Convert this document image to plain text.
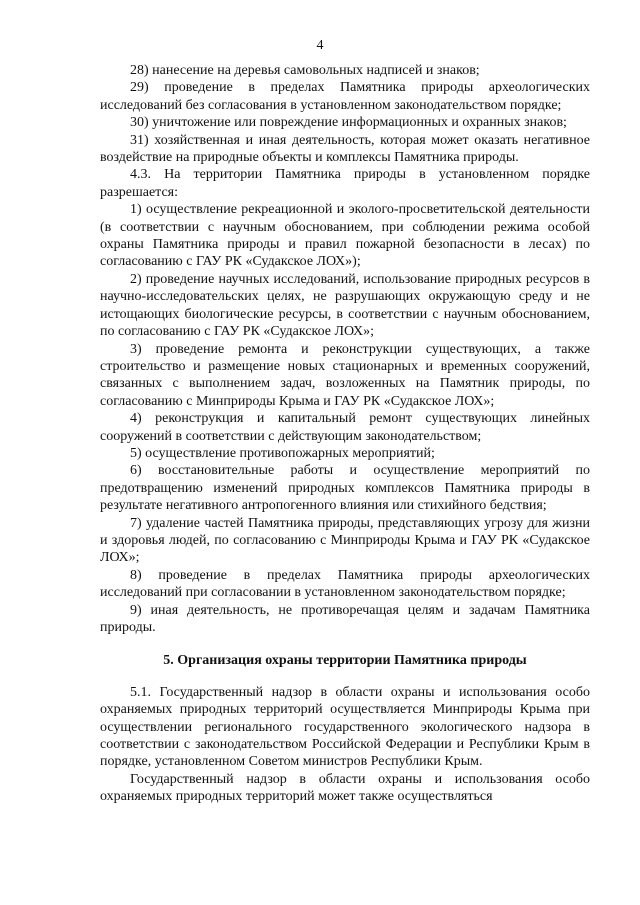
4

28) нанесение на деревья самовольных надписей и знаков;

29) проведение в пределах Памятника природы археологических исследований без согласования в установленном законодательством порядке;

30) уничтожение или повреждение информационных и охранных знаков;

31) хозяйственная и иная деятельность, которая может оказать негативное воздействие на природные объекты и комплексы Памятника природы.

4.3. На территории Памятника природы в установленном порядке разрешается:

1) осуществление рекреационной и эколого-просветительской деятельности (в соответствии с научным обоснованием, при соблюдении режима особой охраны Памятника природы и правил пожарной безопасности в лесах) по согласованию с ГАУ РК «Судакское ЛОХ»);

2) проведение научных исследований, использование природных ресурсов в научно-исследовательских целях, не разрушающих окружающую среду и не истощающих биологические ресурсы, в соответствии с научным обоснованием, по согласованию с ГАУ РК «Судакское ЛОХ»;

3) проведение ремонта и реконструкции существующих, а также строительство и размещение новых стационарных и временных сооружений, связанных с выполнением задач, возложенных на Памятник природы, по согласованию с Минприроды Крыма и ГАУ РК «Судакское ЛОХ»;

4) реконструкция и капитальный ремонт существующих линейных сооружений в соответствии с действующим законодательством;

5) осуществление противопожарных мероприятий;

6) восстановительные работы и осуществление мероприятий по предотвращению изменений природных комплексов Памятника природы в результате негативного антропогенного влияния или стихийного бедствия;

7) удаление частей Памятника природы, представляющих угрозу для жизни и здоровья людей, по согласованию с Минприроды Крыма и ГАУ РК «Судакское ЛОХ»;

8) проведение в пределах Памятника природы археологических исследований при согласовании в установленном законодательством порядке;

9) иная деятельность, не противоречащая целям и задачам Памятника природы.

5. Организация охраны территории Памятника природы

5.1. Государственный надзор в области охраны и использования особо охраняемых природных территорий осуществляется Минприроды Крыма при осуществлении регионального государственного экологического надзора в соответствии с законодательством Российской Федерации и Республики Крым в порядке, установленном Советом министров Республики Крым.

Государственный надзор в области охраны и использования особо охраняемых природных территорий может также осуществляться
